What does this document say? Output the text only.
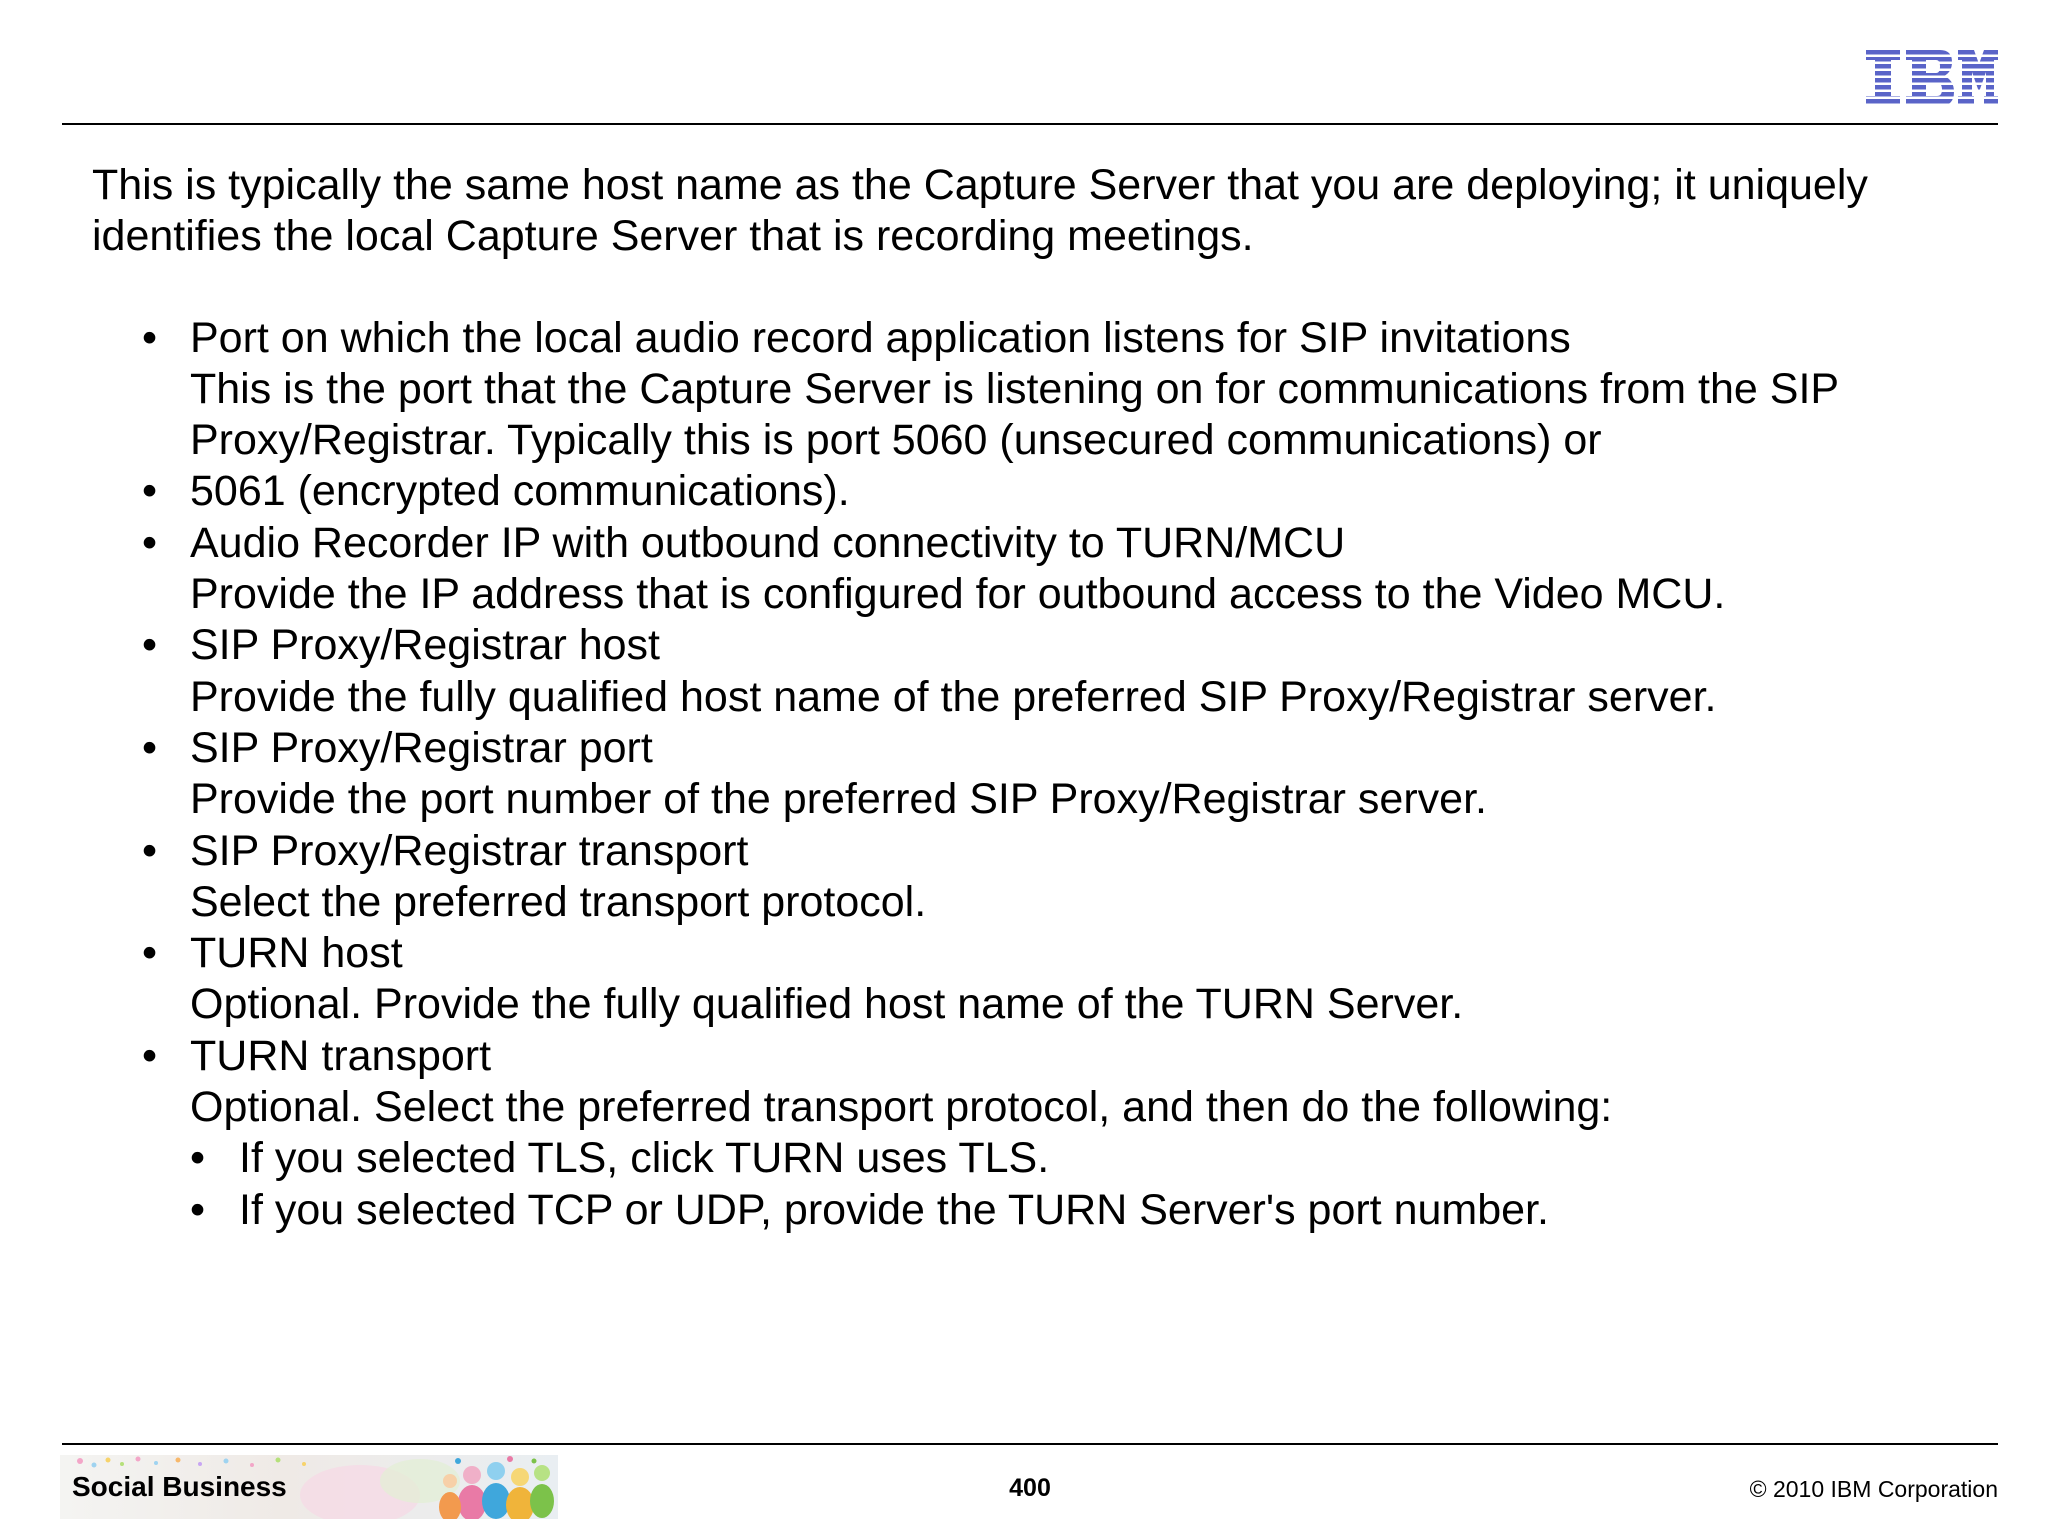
This is typically the same host name as the Capture Server that you are deploying; it uniquely identifies the local Capture Server that is recording meetings.

• Port on which the local audio record application listens for SIP invitations
This is the port that the Capture Server is listening on for communications from the SIP
Proxy/Registrar. Typically this is port 5060 (unsecured communications) or
• 5061 (encrypted communications).
• Audio Recorder IP with outbound connectivity to TURN/MCU
Provide the IP address that is configured for outbound access to the Video MCU.
• SIP Proxy/Registrar host
Provide the fully qualified host name of the preferred SIP Proxy/Registrar server.
• SIP Proxy/Registrar port
Provide the port number of the preferred SIP Proxy/Registrar server.
• SIP Proxy/Registrar transport
Select the preferred transport protocol.
• TURN host
Optional. Provide the fully qualified host name of the TURN Server.
• TURN transport
Optional. Select the preferred transport protocol, and then do the following:
• If you selected TLS, click TURN uses TLS.
• If you selected TCP or UDP, provide the TURN Server's port number.
Social Business	400	© 2010 IBM Corporation
